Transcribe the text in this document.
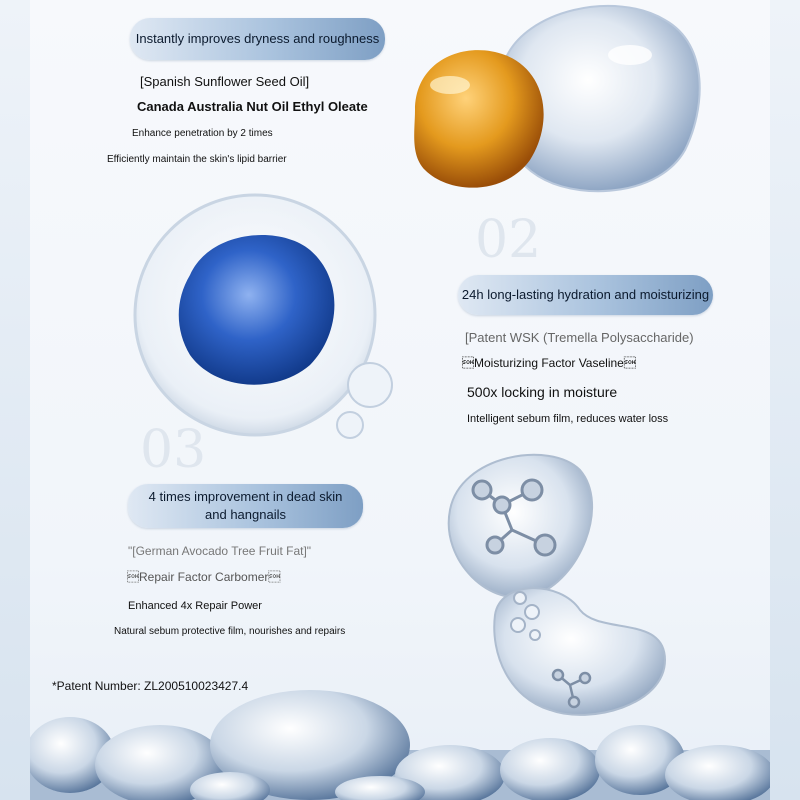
02
03
Instantly improves dryness and roughness
[Spanish Sunflower Seed Oil]
Canada Australia Nut Oil Ethyl Oleate
Enhance penetration by 2 times
Efficiently maintain the skin's lipid barrier
24h long-lasting hydration and moisturizing
[Patent WSK (Tremella Polysaccharide)
Moisturizing Factor Vaseline
500x locking in moisture
Intelligent sebum film, reduces water loss
4 times improvement in dead skin and hangnails
"[German Avocado Tree Fruit Fat]"
Repair Factor Carbomer
Enhanced 4x Repair Power
Natural sebum protective film, nourishes and repairs
*Patent Number: ZL200510023427.4
